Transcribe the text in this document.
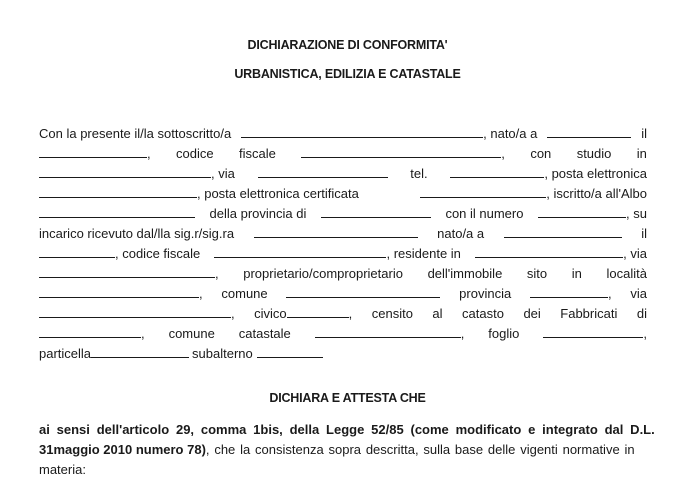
DICHIARAZIONE DI CONFORMITA'
URBANISTICA, EDILIZIA E CATASTALE
Con la presente il/la sottoscritto/a	, nato/a a	il
, codice fiscale	, con studio in
, via	tel.	, posta elettronica
, posta elettronica certificata	, iscritto/a all'Albo
della provincia di	con il numero	, su
incarico ricevuto dal/lla sig.r/sig.ra	nato/a a	il
, codice fiscale	, residente in	, via
, proprietario/comproprietario dell'immobile sito in località
, comune	provincia	, via
, civico	, censito al catasto dei Fabbricati di
, comune catastale	, foglio	,
particella	subalterno
DICHIARA E ATTESTA CHE
ai sensi dell'articolo 29, comma 1bis, della Legge 52/85 (come modificato e integrato dal D.L.
31maggio 2010 numero 78) , che la consistenza sopra descritta, sulla base delle vigenti normative in
materia:
